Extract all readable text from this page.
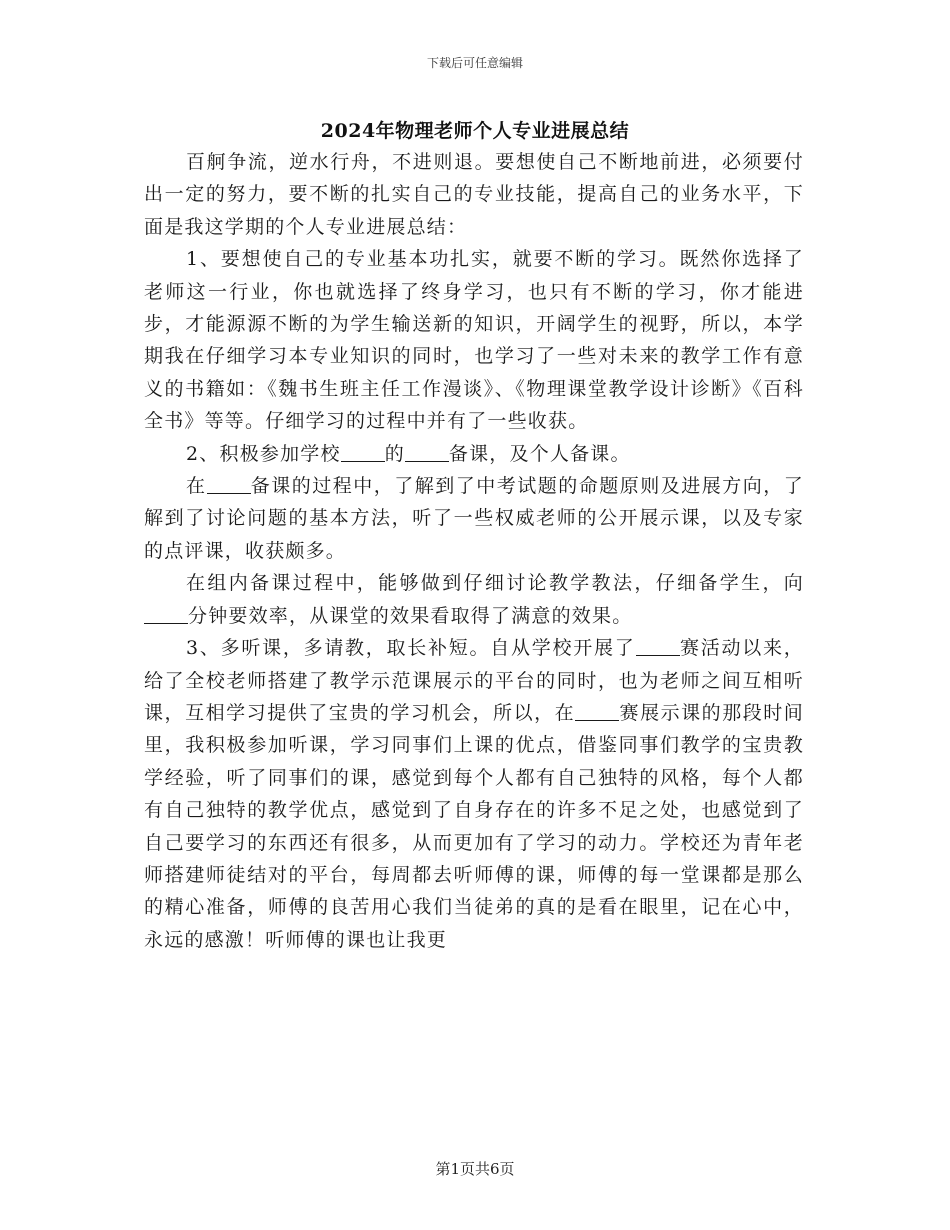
下载后可任意编辑
2024年物理老师个人专业进展总结

百舸争流，逆水行舟，不进则退。要想使自己不断地前进，必须要付出一定的努力，要不断的扎实自己的专业技能，提高自己的业务水平，下面是我这学期的个人专业进展总结：

1、要想使自己的专业基本功扎实，就要不断的学习。既然你选择了老师这一行业，你也就选择了终身学习，也只有不断的学习，你才能进步，才能源源不断的为学生输送新的知识，开阔学生的视野，所以，本学期我在仔细学习本专业知识的同时，也学习了一些对未来的教学工作有意义的书籍如：《魏书生班主任工作漫谈》、《物理课堂教学设计诊断》《百科全书》等等。仔细学习的过程中并有了一些收获。

2、积极参加学校 的 备课，及个人备课。

在 备课的过程中，了解到了中考试题的命题原则及进展方向，了解到了讨论问题的基本方法，听了一些权威老师的公开展示课，以及专家的点评课，收获颇多。

在组内备课过程中，能够做到仔细讨论教学教法，仔细备学生，向分钟要效率，从课堂的效果看取得了满意的效果。

3、多听课，多请教，取长补短。自从学校开展了 赛活动以来，给了全校老师搭建了教学示范课展示的平台的同时，也为老师之间互相听课，互相学习提供了宝贵的学习机会，所以，在 赛展示课的那段时间里，我积极参加听课，学习同事们上课的优点，借鉴同事们教学的宝贵教学经验，听了同事们的课，感觉到每个人都有自己独特的风格，每个人都有自己独特的教学优点，感觉到了自身存在的许多不足之处，也感觉到了自己要学习的东西还有很多，从而更加有了学习的动力。学校还为青年老师搭建师徒结对的平台，每周都去听师傅的课，师傅的每一堂课都是那么的精心准备，师傅的良苦用心我们当徒弟的真的是看在眼里，记在心中，永远的感激！听师傅的课也让我更

第1页共6页
